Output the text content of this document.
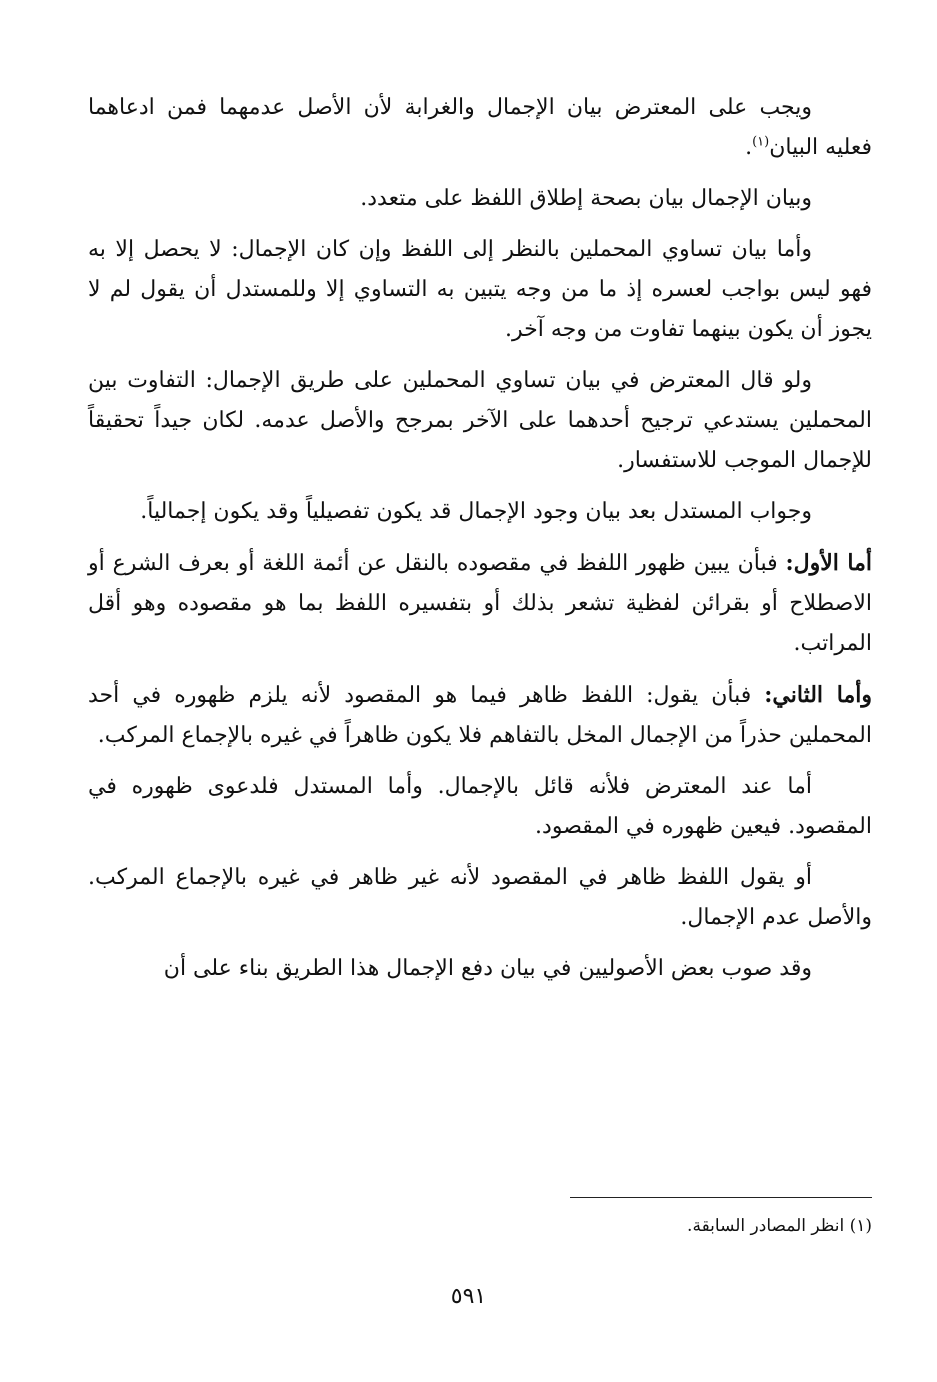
ويجب على المعترض بيان الإجمال والغرابة لأن الأصل عدمهما فمن ادعاهما فعليه البيان$^{(١)}$.

وبيان الإجمال بيان بصحة إطلاق اللفظ على متعدد.

وأما بيان تساوي المحملين بالنظر إلى اللفظ وإن كان الإجمال: لا يحصل إلا به فهو ليس بواجب لعسره إذ ما من وجه يتبين به التساوي إلا وللمستدل أن يقول لم لا يجوز أن يكون بينهما تفاوت من وجه آخر.

ولو قال المعترض في بيان تساوي المحملين على طريق الإجمال: التفاوت بين المحملين يستدعي ترجيح أحدهما على الآخر بمرجح والأصل عدمه. لكان جيداً تحقيقاً للإجمال الموجب للاستفسار.

وجواب المستدل بعد بيان وجود الإجمال قد يكون تفصيلياً وقد يكون إجمالياً.

أما الأول: فبأن يبين ظهور اللفظ في مقصوده بالنقل عن أئمة اللغة أو بعرف الشرع أو الاصطلاح أو بقرائن لفظية تشعر بذلك أو بتفسيره اللفظ بما هو مقصوده وهو أقل المراتب.

وأما الثاني: فبأن يقول: اللفظ ظاهر فيما هو المقصود لأنه يلزم ظهوره في أحد المحملين حذراً من الإجمال المخل بالتفاهم فلا يكون ظاهراً في غيره بالإجماع المركب.

أما عند المعترض فلأنه قائل بالإجمال. وأما المستدل فلدعوى ظهوره في المقصود. فيعين ظهوره في المقصود.

أو يقول اللفظ ظاهر في المقصود لأنه غير ظاهر في غيره بالإجماع المركب. والأصل عدم الإجمال.

وقد صوب بعض الأصوليين في بيان دفع الإجمال هذا الطريق بناء على أن

(١) انظر المصادر السابقة.
٥٩١
